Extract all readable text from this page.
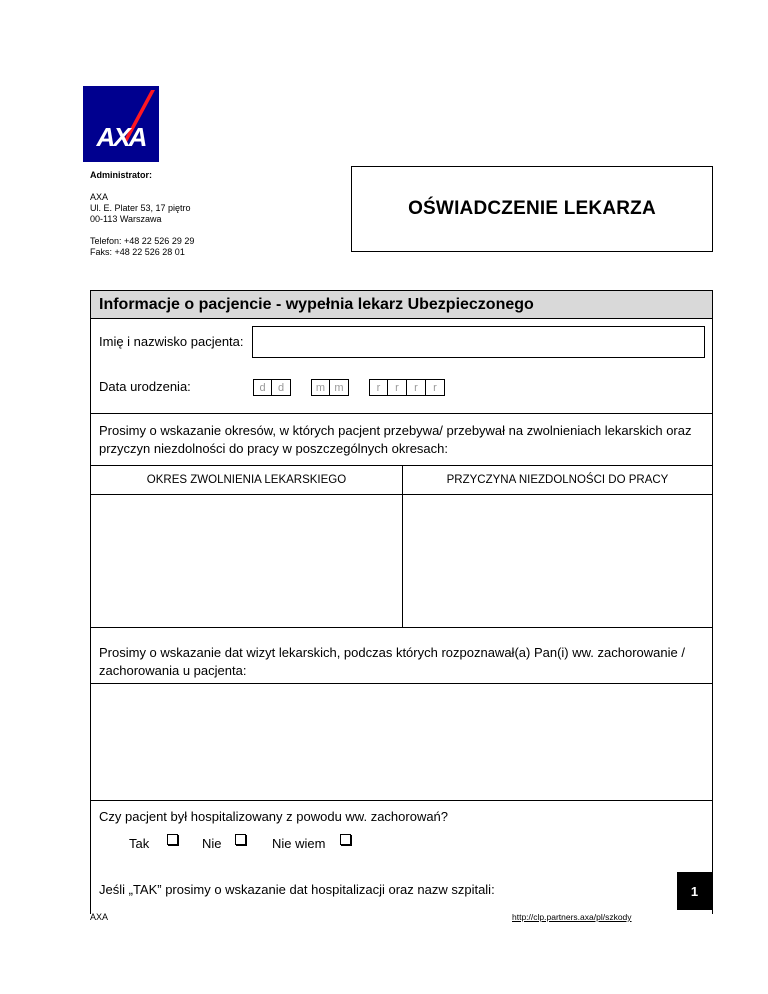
AXA
Administrator:
AXA
Ul. E. Plater 53, 17 piętro
00-113 Warszawa
Telefon: +48 22 526 29 29
Faks: +48 22 526 28 01
OŚWIADCZENIE LEKARZA
Informacje o pacjencie - wypełnia lekarz Ubezpieczonego
Imię i nazwisko pacjenta:
Data urodzenia:	d	d	m m	r	r	r	r
Prosimy o wskazanie okresów, w których pacjent przebywa/ przebywał na zwolnieniach lekarskich oraz przyczyn niezdolności do pracy w poszczególnych okresach:
OKRES ZWOLNIENIA LEKARSKIEGO	PRZYCZYNA NIEZDOLNOŚCI DO PRACY
Prosimy o wskazanie dat wizyt lekarskich, podczas których rozpoznawał(a) Pan(i) ww. zachorowanie / zachorowania u pacjenta:
Czy pacjent był hospitalizowany z powodu ww. zachorowań?
Tak	Nie	Nie wiem
Jeśli „TAK” prosimy o wskazanie dat hospitalizacji oraz nazw szpitali:	1
AXA	http://clp.partners.axa/pl/szkody
